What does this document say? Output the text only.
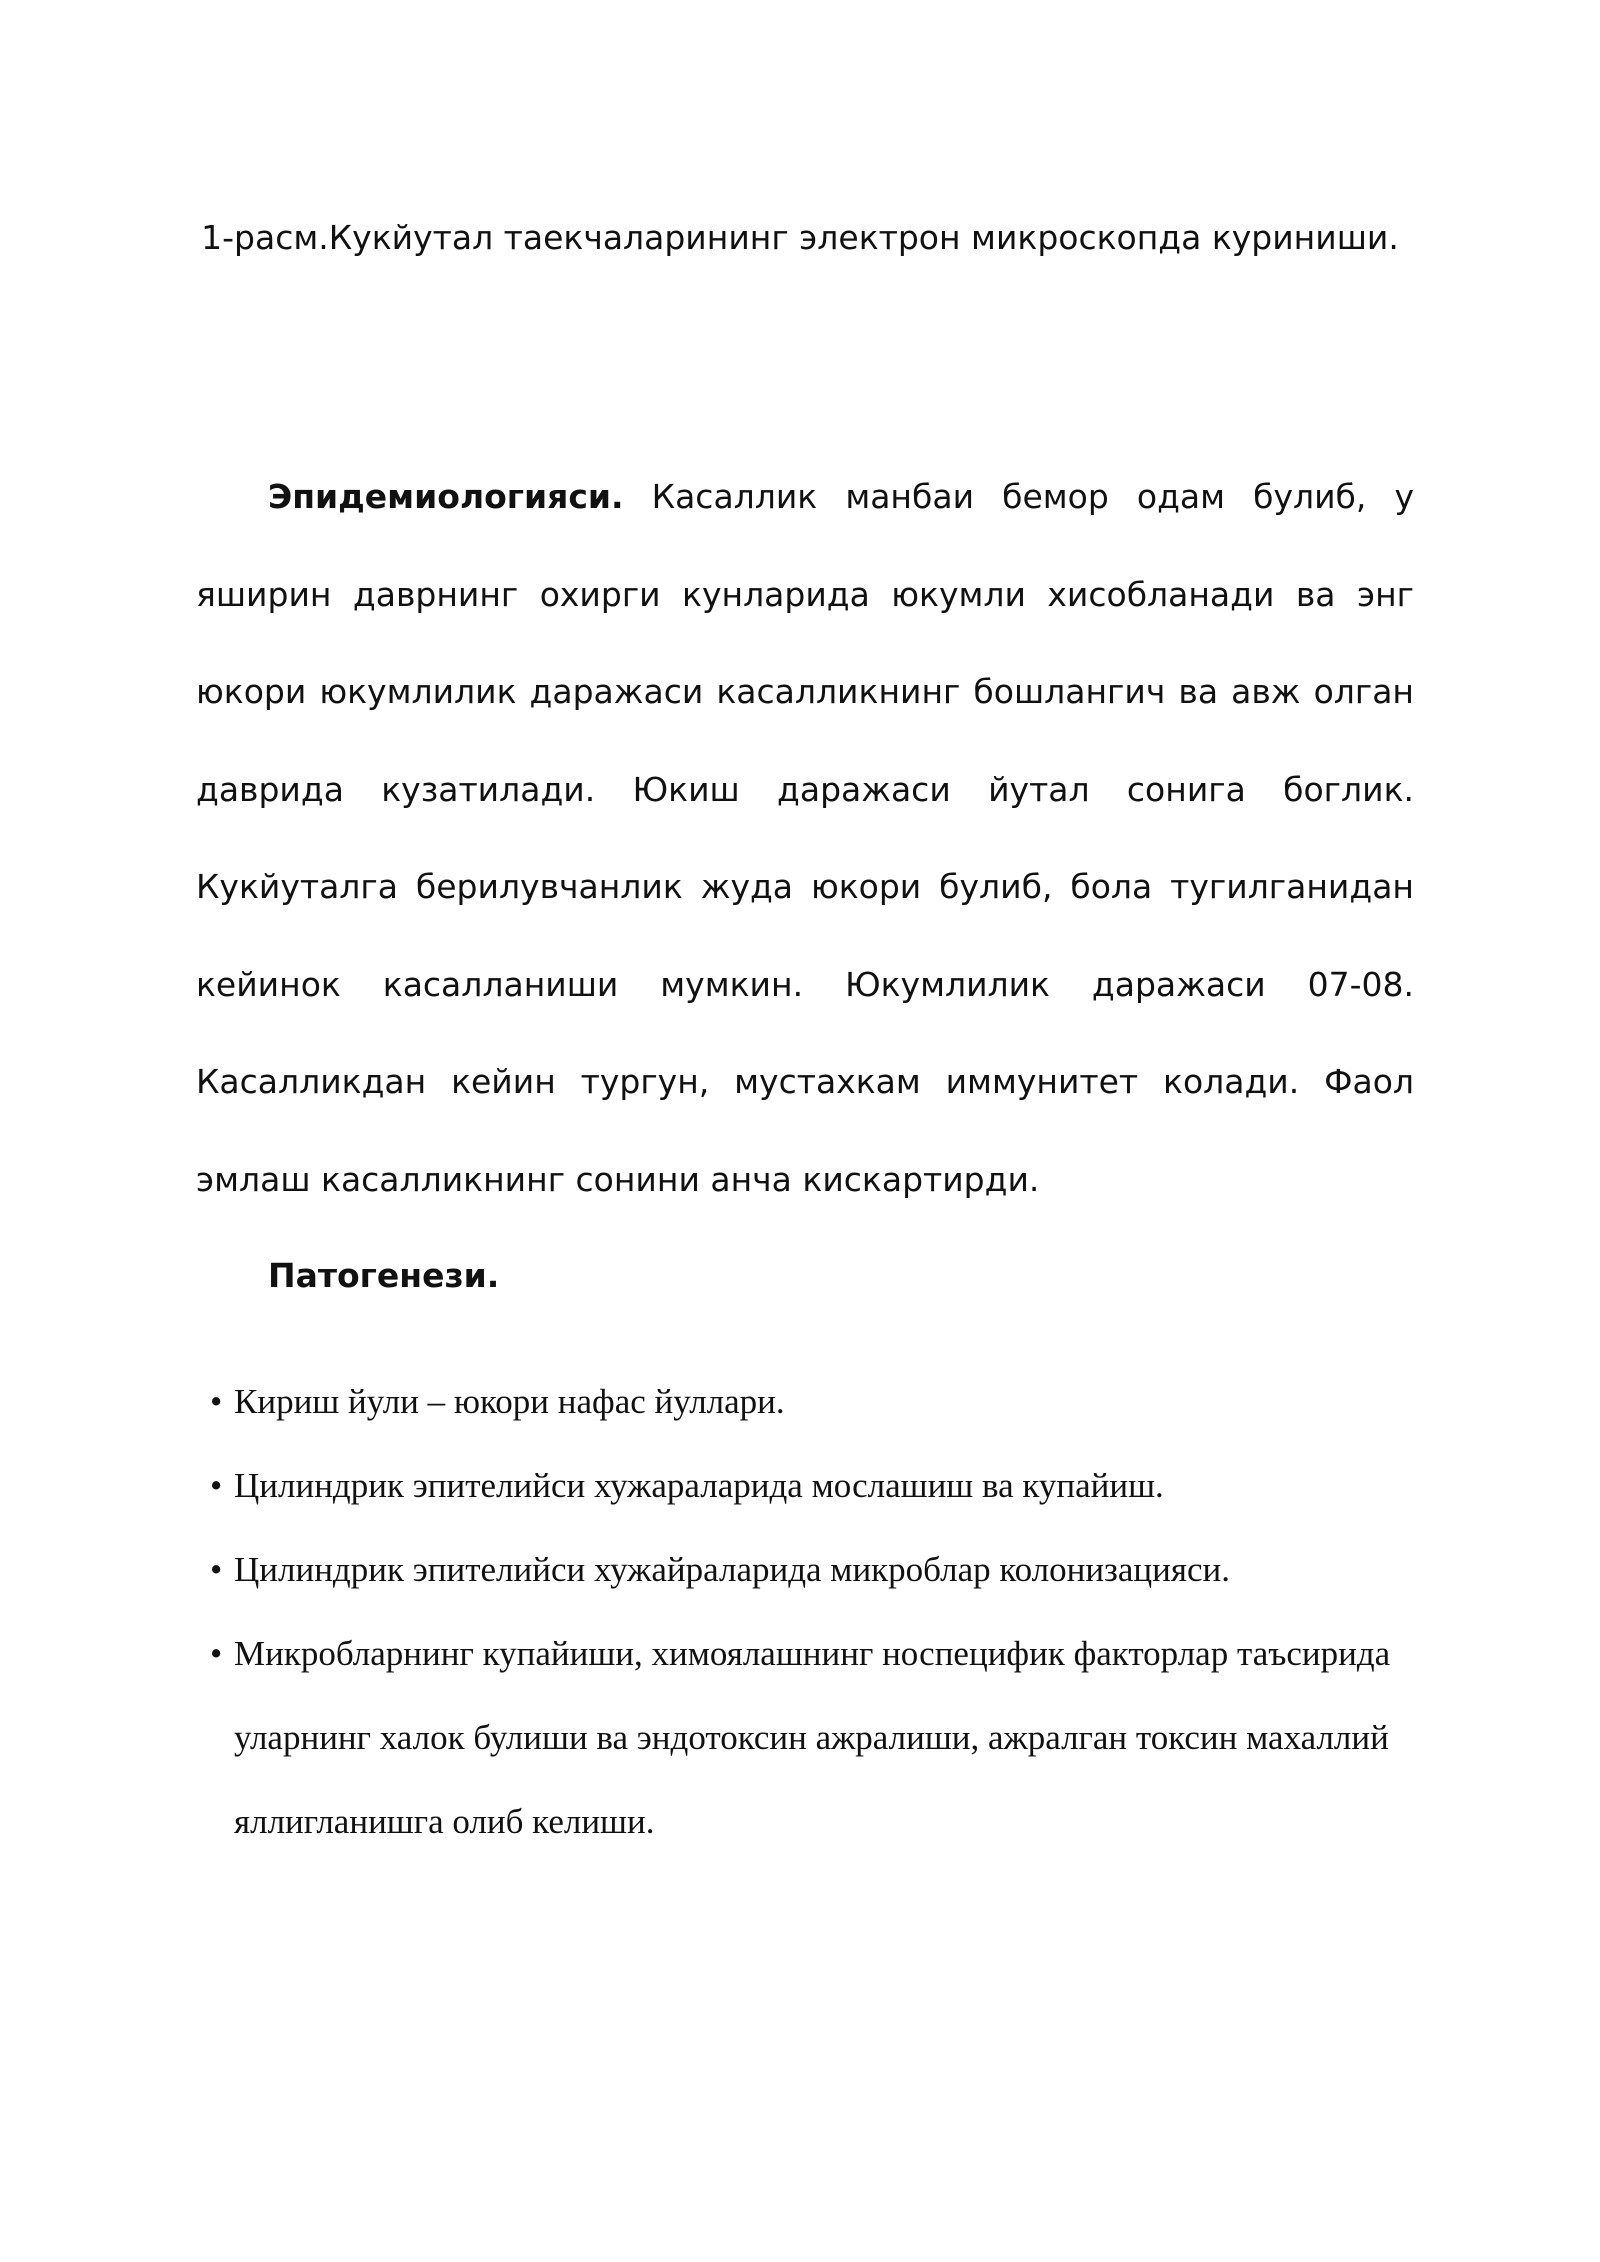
1-расм.Кукйутал таекчаларининг электрон микроскопда куриниши.

Эпидемиологияси. Касаллик манбаи бемор одам булиб, у яширин даврнинг охирги кунларида юкумли хисобланади ва энг юкори юкумлилик даражаси касалликнинг бошлангич ва авж олган даврида кузатилади. Юкиш даражаси йутал сонига боглик. Кукйуталга берилувчанлик жуда юкори булиб, бола тугилганидан кейинок касалланиши мумкин. Юкумлилик даражаси 07-08. Касалликдан кейин тургун, мустахкам иммунитет колади. Фаол эмлаш касалликнинг сонини анча кискартирди.

Патогенези.
• Кириш йули – юкори нафас йуллари.
• Цилиндрик эпителийси хужараларида мослашиш ва купайиш.
• Цилиндрик эпителийси хужайраларида микроблар колонизацияси.
• Микробларнинг купайиши, химоялашнинг носпецифик факторлар таъсирида уларнинг халок булиши ва эндотоксин ажралиши, ажралган токсин махаллий яллигланишга олиб келиши.
